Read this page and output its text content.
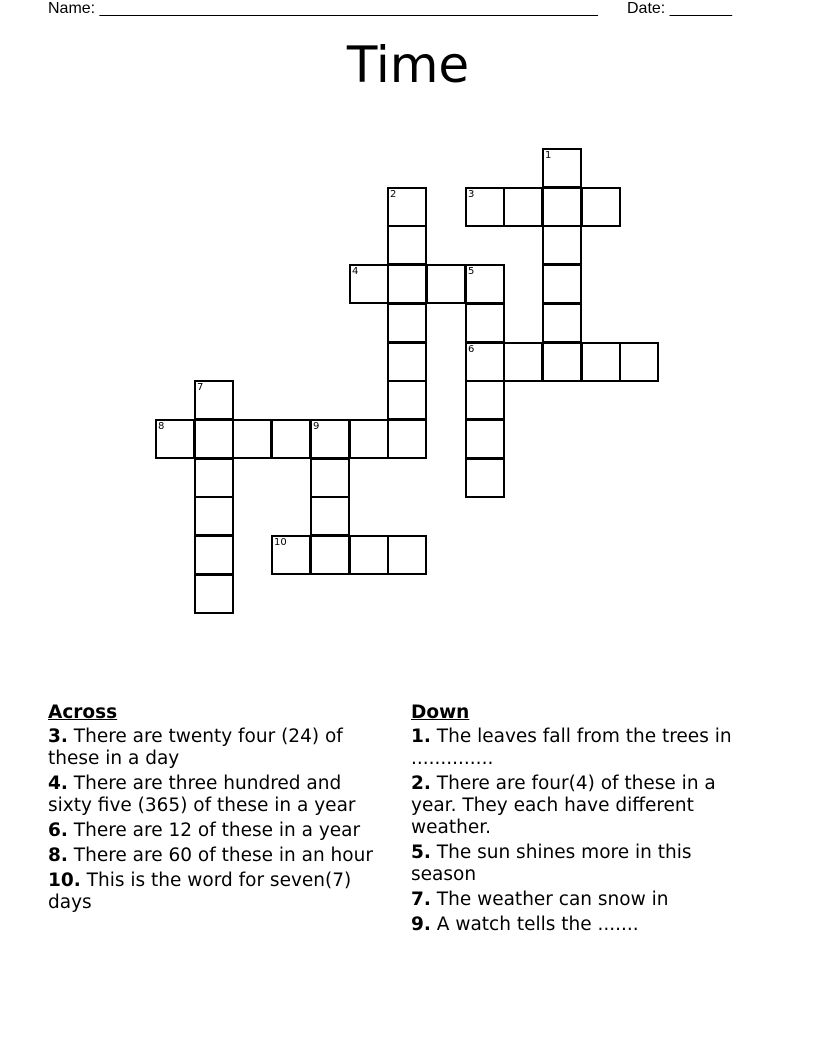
Name: ________________________________________________________ Date: _______
Time
1
2	3
4	5
6
7
8	9
10
Across
3. There are twenty four (24) of these in a day
4. There are three hundred and sixty five (365) of these in a year
6. There are 12 of these in a year
8. There are 60 of these in an hour
10. This is the word for seven(7) days
Down
1. The leaves fall from the trees in ..............
2. There are four(4) of these in a year. They each have different weather.
5. The sun shines more in this season
7. The weather can snow in
9. A watch tells the .......
